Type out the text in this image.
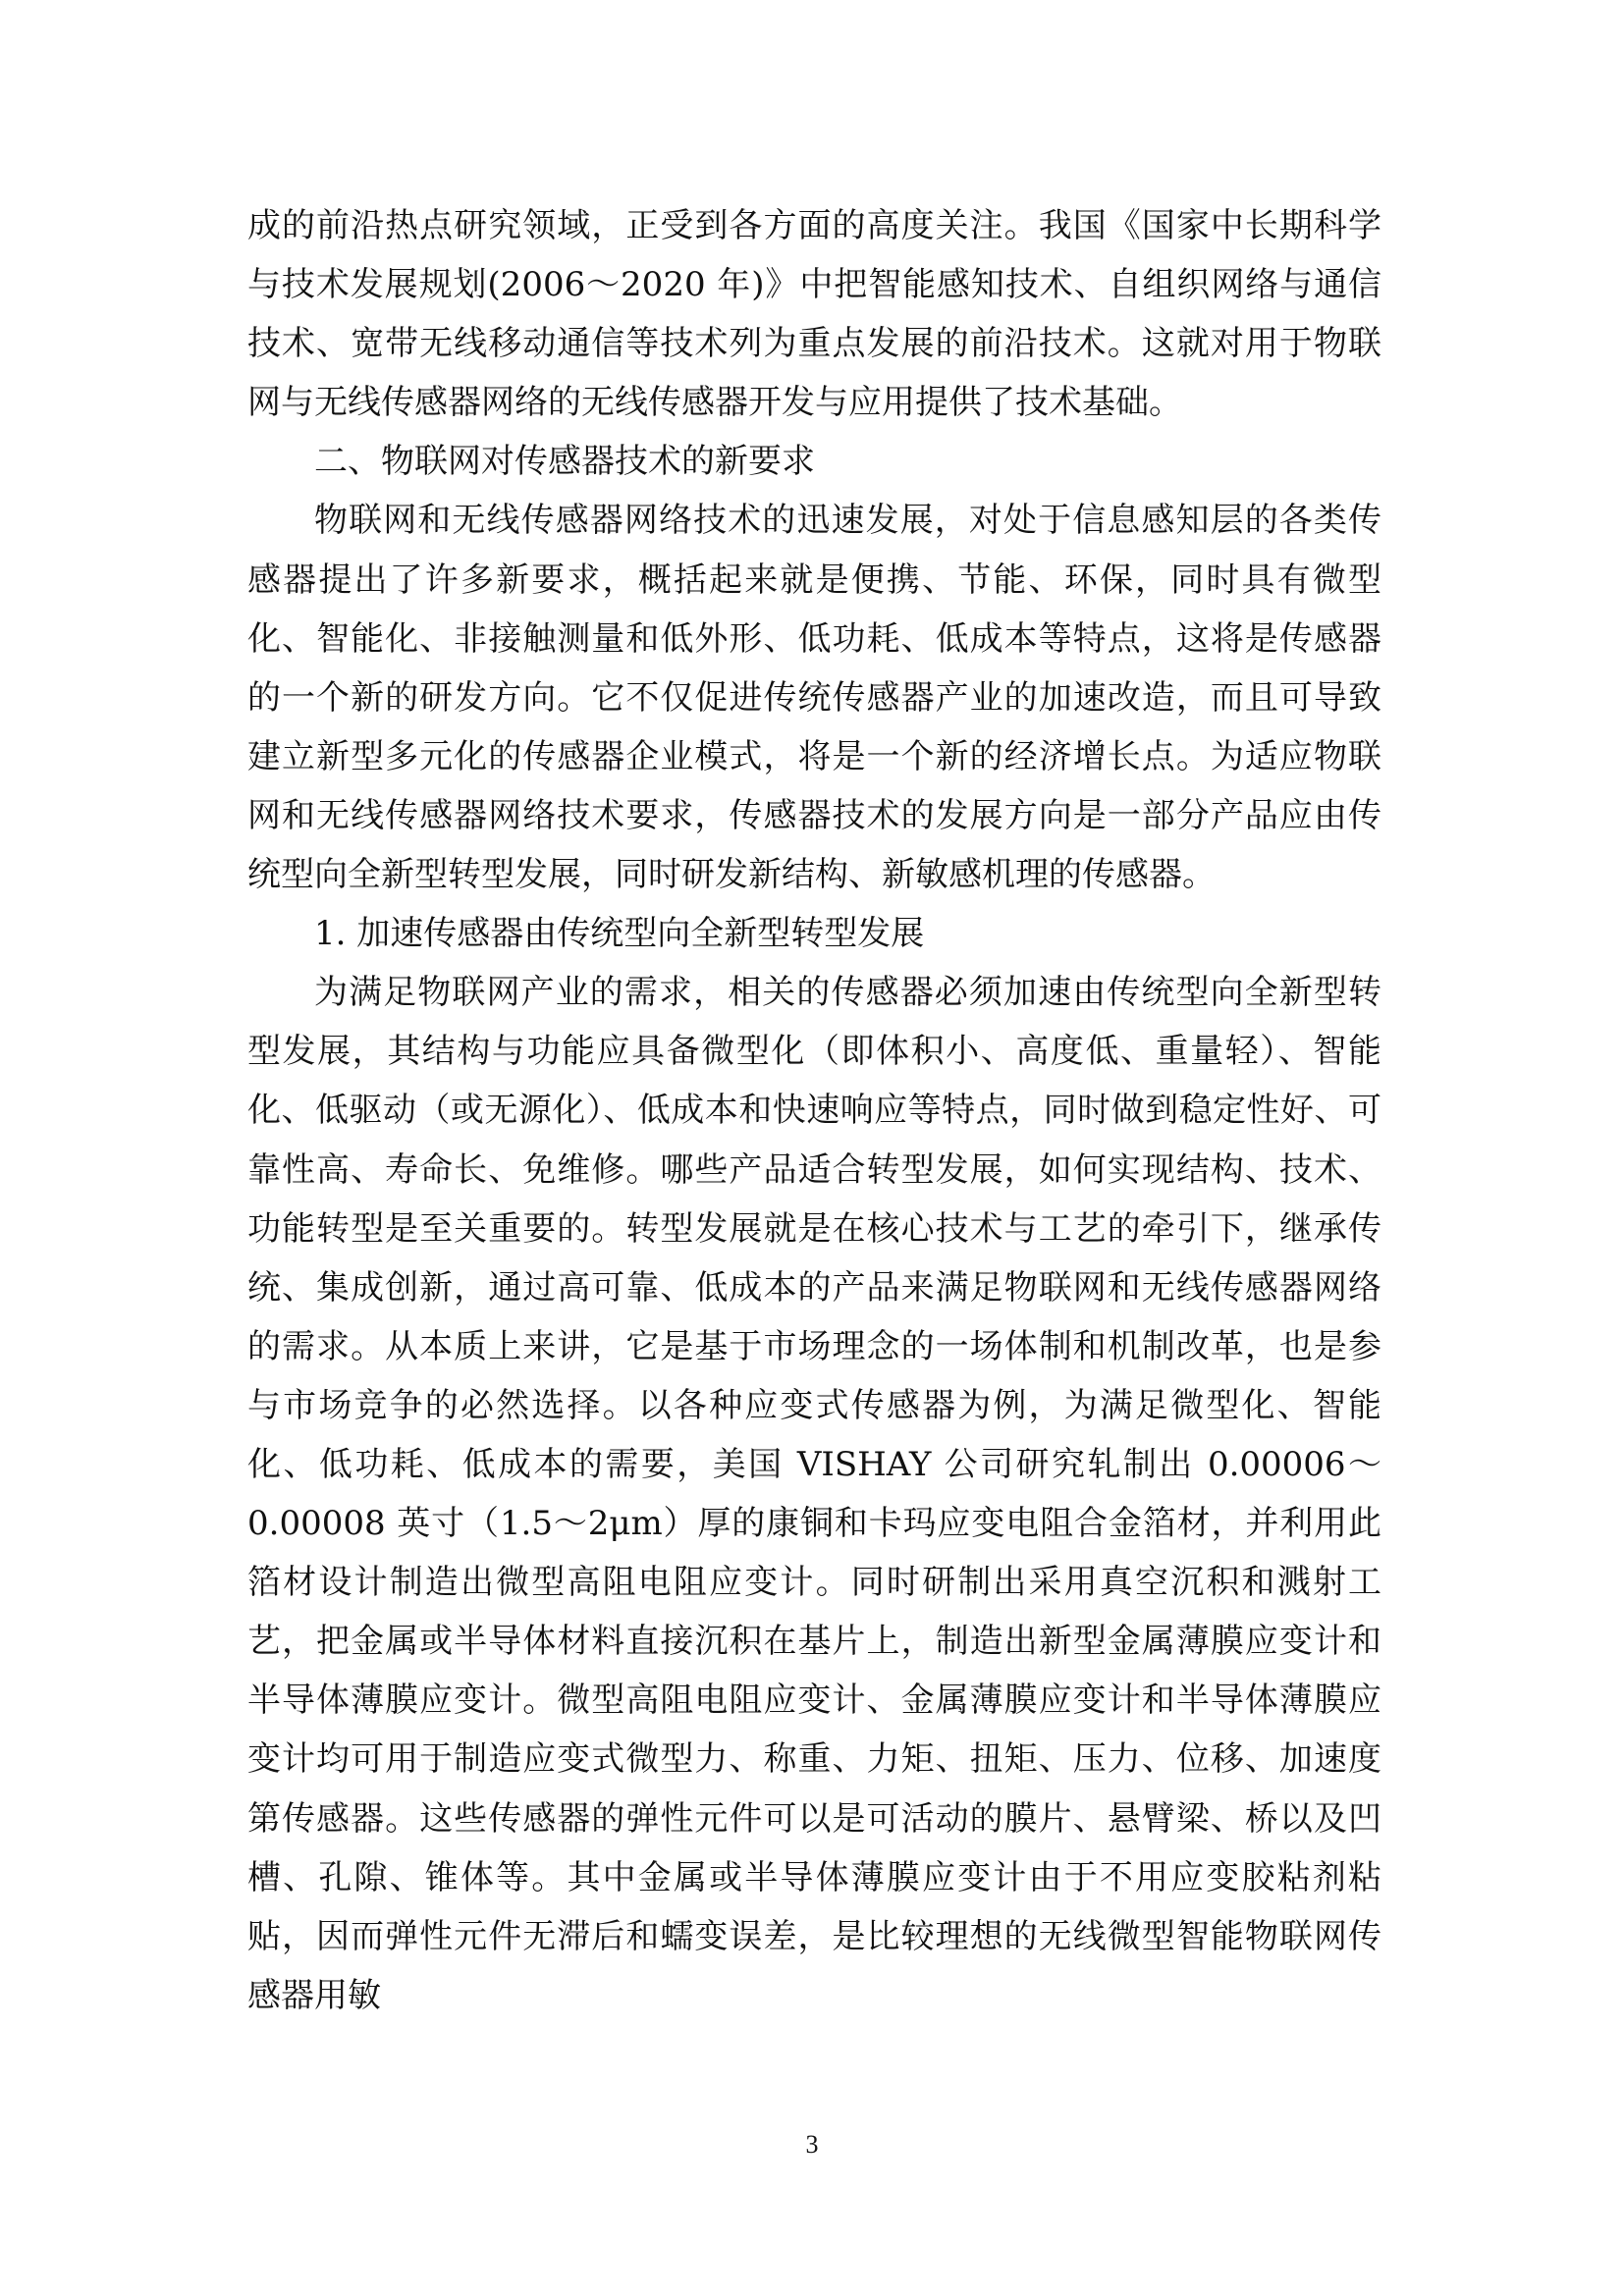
成的前沿热点研究领域，正受到各方面的高度关注。我国《国家中长期科学与技术发展规划(2006～2020 年)》中把智能感知技术、自组织网络与通信技术、宽带无线移动通信等技术列为重点发展的前沿技术。这就对用于物联网与无线传感器网络的无线传感器开发与应用提供了技术基础。

二、物联网对传感器技术的新要求

物联网和无线传感器网络技术的迅速发展，对处于信息感知层的各类传感器提出了许多新要求，概括起来就是便携、节能、环保，同时具有微型化、智能化、非接触测量和低外形、低功耗、低成本等特点，这将是传感器的一个新的研发方向。它不仅促进传统传感器产业的加速改造，而且可导致建立新型多元化的传感器企业模式，将是一个新的经济增长点。为适应物联网和无线传感器网络技术要求，传感器技术的发展方向是一部分产品应由传统型向全新型转型发展，同时研发新结构、新敏感机理的传感器。

1. 加速传感器由传统型向全新型转型发展

为满足物联网产业的需求，相关的传感器必须加速由传统型向全新型转型发展，其结构与功能应具备微型化（即体积小、高度低、重量轻）、智能化、低驱动（或无源化）、低成本和快速响应等特点，同时做到稳定性好、可靠性高、寿命长、免维修。哪些产品适合转型发展，如何实现结构、技术、功能转型是至关重要的。转型发展就是在核心技术与工艺的牵引下，继承传统、集成创新，通过高可靠、低成本的产品来满足物联网和无线传感器网络的需求。从本质上来讲，它是基于市场理念的一场体制和机制改革，也是参与市场竞争的必然选择。以各种应变式传感器为例，为满足微型化、智能化、低功耗、低成本的需要，美国 VISHAY 公司研究轧制出 0.00006～0.00008 英寸（1.5～2μm）厚的康铜和卡玛应变电阻合金箔材，并利用此箔材设计制造出微型高阻电阻应变计。同时研制出采用真空沉积和溅射工艺，把金属或半导体材料直接沉积在基片上，制造出新型金属薄膜应变计和半导体薄膜应变计。微型高阻电阻应变计、金属薄膜应变计和半导体薄膜应变计均可用于制造应变式微型力、称重、力矩、扭矩、压力、位移、加速度第传感器。这些传感器的弹性元件可以是可活动的膜片、悬臂梁、桥以及凹槽、孔隙、锥体等。其中金属或半导体薄膜应变计由于不用应变胶粘剂粘贴，因而弹性元件无滞后和蠕变误差，是比较理想的无线微型智能物联网传感器用敏

3
